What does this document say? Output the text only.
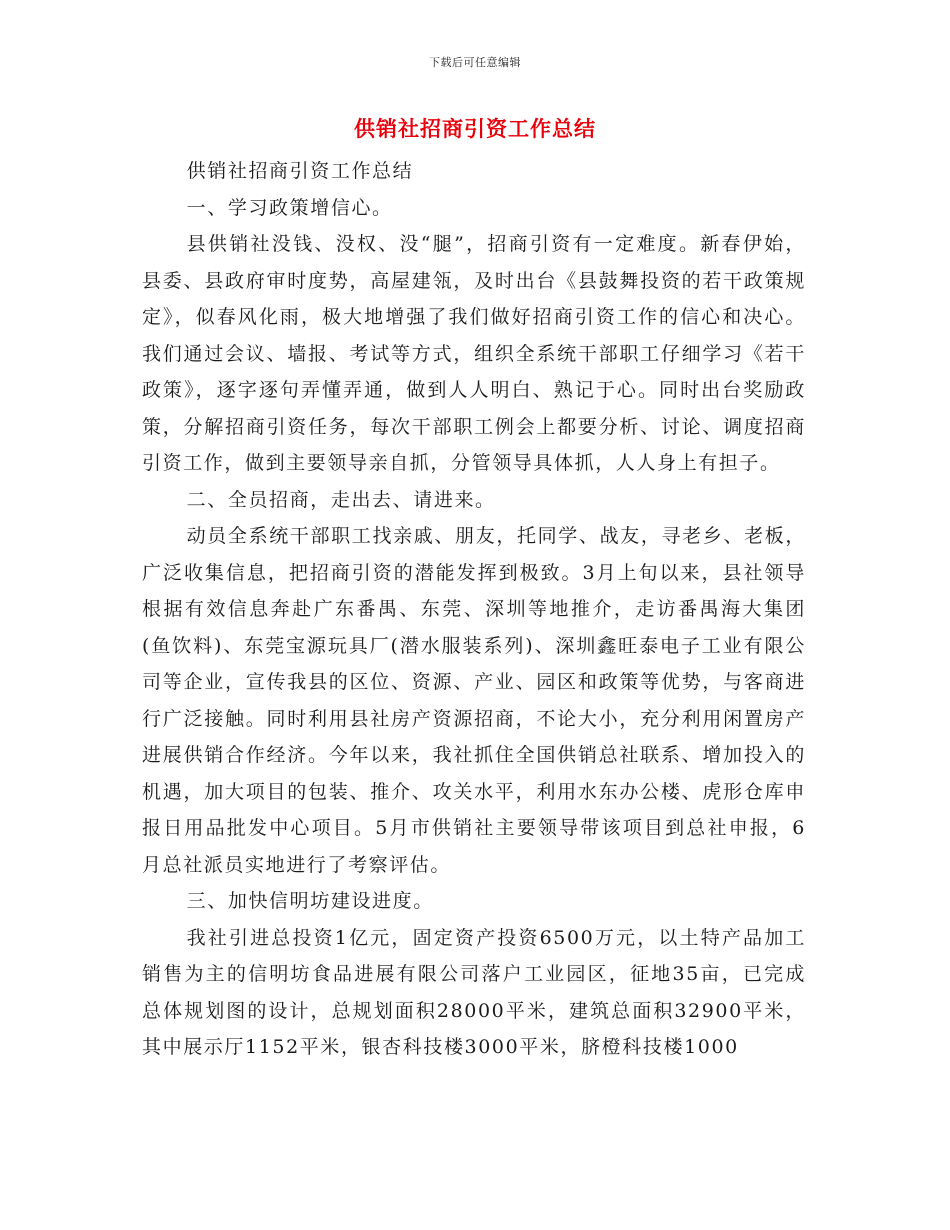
下载后可任意编辑
供销社招商引资工作总结

供销社招商引资工作总结

一、学习政策增信心。

县供销社没钱、没权、没“腿”，招商引资有一定难度。新春伊始，县委、县政府审时度势，高屋建瓴，及时出台《县鼓舞投资的若干政策规定》，似春风化雨，极大地增强了我们做好招商引资工作的信心和决心。我们通过会议、墙报、考试等方式，组织全系统干部职工仔细学习《若干政策》，逐字逐句弄懂弄通，做到人人明白、熟记于心。同时出台奖励政策，分解招商引资任务，每次干部职工例会上都要分析、讨论、调度招商引资工作，做到主要领导亲自抓，分管领导具体抓，人人身上有担子。

二、全员招商，走出去、请进来。

动员全系统干部职工找亲戚、朋友，托同学、战友，寻老乡、老板，广泛收集信息，把招商引资的潜能发挥到极致。3月上旬以来，县社领导根据有效信息奔赴广东番禺、东莞、深圳等地推介，走访番禺海大集团(鱼饮料)、东莞宝源玩具厂(潜水服装系列)、深圳鑫旺泰电子工业有限公司等企业，宣传我县的区位、资源、产业、园区和政策等优势，与客商进行广泛接触。同时利用县社房产资源招商，不论大小，充分利用闲置房产进展供销合作经济。今年以来，我社抓住全国供销总社联系、增加投入的机遇，加大项目的包装、推介、攻关水平，利用水东办公楼、虎形仓库申报日用品批发中心项目。5月市供销社主要领导带该项目到总社申报，6月总社派员实地进行了考察评估。

三、加快信明坊建设进度。

我社引进总投资1亿元，固定资产投资6500万元，以土特产品加工销售为主的信明坊食品进展有限公司落户工业园区，征地35亩，已完成总体规划图的设计，总规划面积28000平米，建筑总面积32900平米，其中展示厅1152平米，银杏科技楼3000平米，脐橙科技楼1000
